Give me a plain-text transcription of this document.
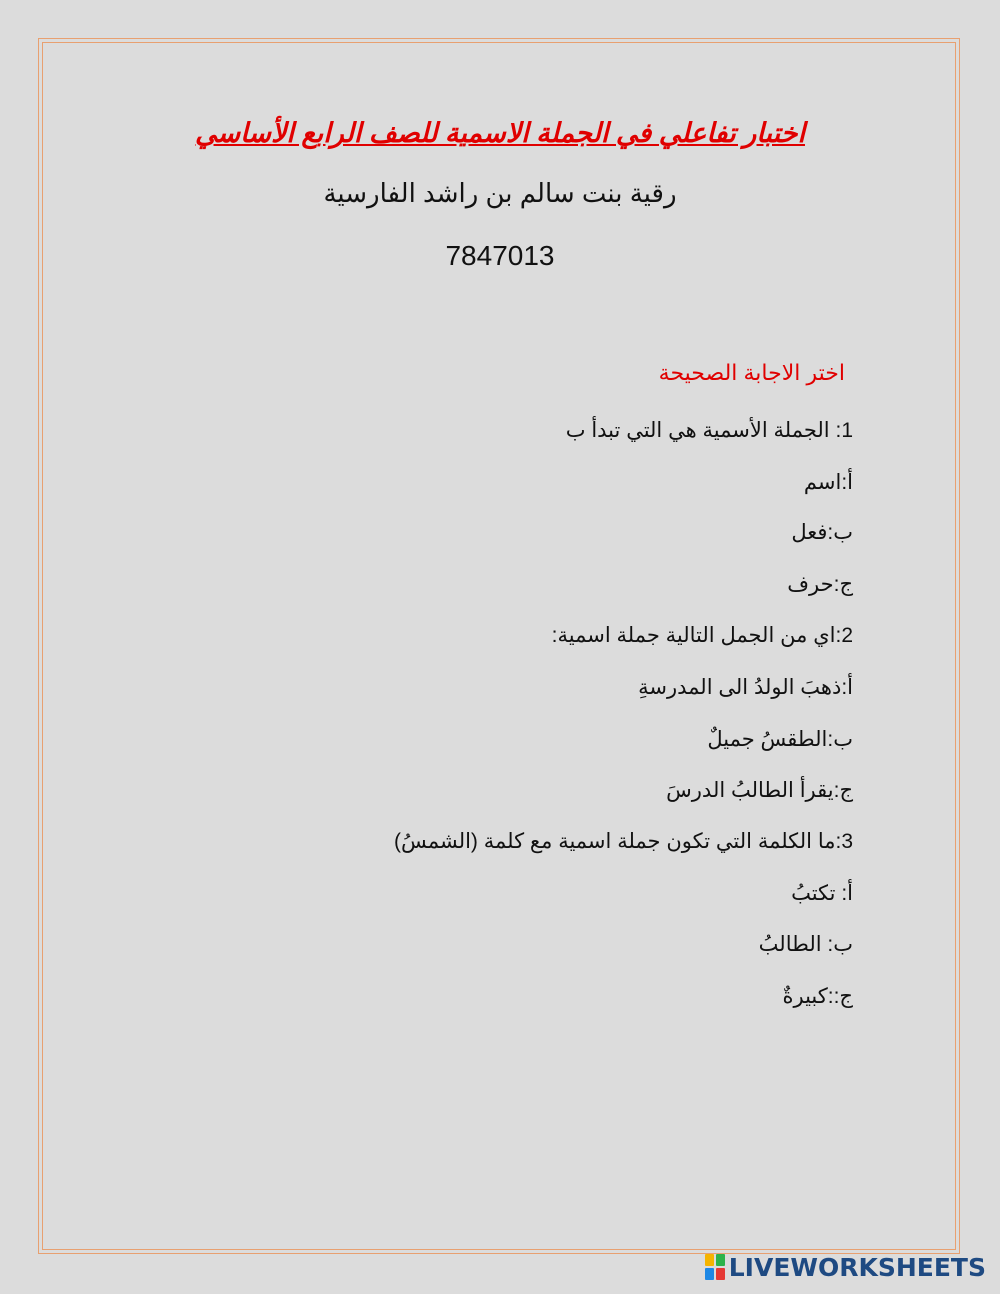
اختبار تفاعلي في الجملة الاسمية للصف الرابع الأساسي
رقية بنت سالم بن راشد الفارسية
7847013
اختر الاجابة الصحيحة
1: الجملة الأسمية هي التي تبدأ ب
أ:اسم
ب:فعل
ج:حرف
2:اي من الجمل التالية جملة اسمية:
أ:ذهبَ الولدُ الى المدرسةِ
ب:الطقسُ جميلٌ
ج:يقرأ الطالبُ الدرسَ
3:ما الكلمة التي تكون جملة اسمية مع كلمة (الشمسُ)
أ: تكتبُ
ب: الطالبُ
ج::كبيرةٌ
LIVEWORKSHEETS
